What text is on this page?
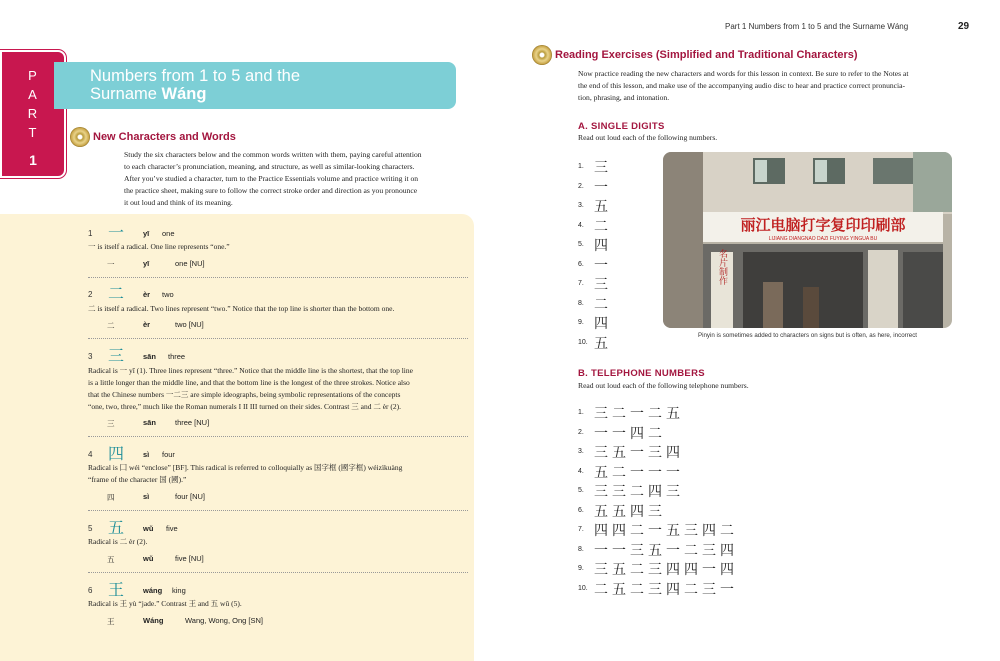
P
A
R
T
1
Numbers from 1 to 5 and the
Surname Wáng
New Characters and Words
Study the six characters below and the common words written with them, paying careful attention
to each character’s pronunciation, meaning, and structure, as well as similar-looking characters.
After you’ve studied a character, turn to the Practice Essentials volume and practice writing it on
the practice sheet, making sure to follow the correct stroke order and direction as you pronounce
it out loud and think of its meaning.
1 一	yī one
一 is itself a radical. One line represents “one.”
一	yī	one [NU]
2 二	èr two
二 is itself a radical. Two lines represent “two.” Notice that the top line is shorter than the bottom one.
二	èr	two [NU]
3 三	sān three
Radical is 一 yī (1). Three lines represent “three.” Notice that the middle line is the shortest, that the top line
is a little longer than the middle line, and that the bottom line is the longest of the three strokes. Notice also
that the Chinese numbers 一二三 are simple ideographs, being symbolic representations of the concepts
“one, two, three,” much like the Roman numerals I II III turned on their sides. Contrast 三 and 二 èr (2).
三	sān	three [NU]
4 四	sì four
Radical is 囗 wéi “enclose” [BF]. This radical is referred to colloquially as 国字框 (國字框) wéizìkuàng
“frame of the character 国 (國).”
四	sì	four [NU]
5 五	wǔ five
Radical is 二 èr (2).
五	wǔ	five [NU]
6 王	wáng king
Radical is 王 yù “jade.” Contrast 王 and 五 wǔ (5).
王	Wáng	Wang, Wong, Ong [SN]
Part 1 Numbers from 1 to 5 and the Surname Wáng	29
Reading Exercises (Simplified and Traditional Characters)
Now practice reading the new characters and words for this lesson in context. Be sure to refer to the Notes at
the end of this lesson, and make use of the accompanying audio disc to hear and practice correct pronuncia-
tion, phrasing, and intonation.
A. SINGLE DIGITS
Read out loud each of the following numbers.
1. 三
2. 一
3. 五
4. 二
5. 四
6. 一
7. 三
8. 二
9. 四
10. 五
丽江电脑打字复印印刷部
LIJIANG DIANGNAO DAZI FUYING YINGUA BU
名片制作
Pinyin is sometimes added to characters on signs but is often, as here, incorrect
B. TELEPHONE NUMBERS
Read out loud each of the following telephone numbers.
1. 三二一二五
2. 一一四二
3. 三五一三四
4. 五二一一一
5. 三三二四三
6. 五五四三
7. 四四二一五三四二
8. 一一三五一二三四
9. 三五二三四四一四
10. 二五二三四二三一
